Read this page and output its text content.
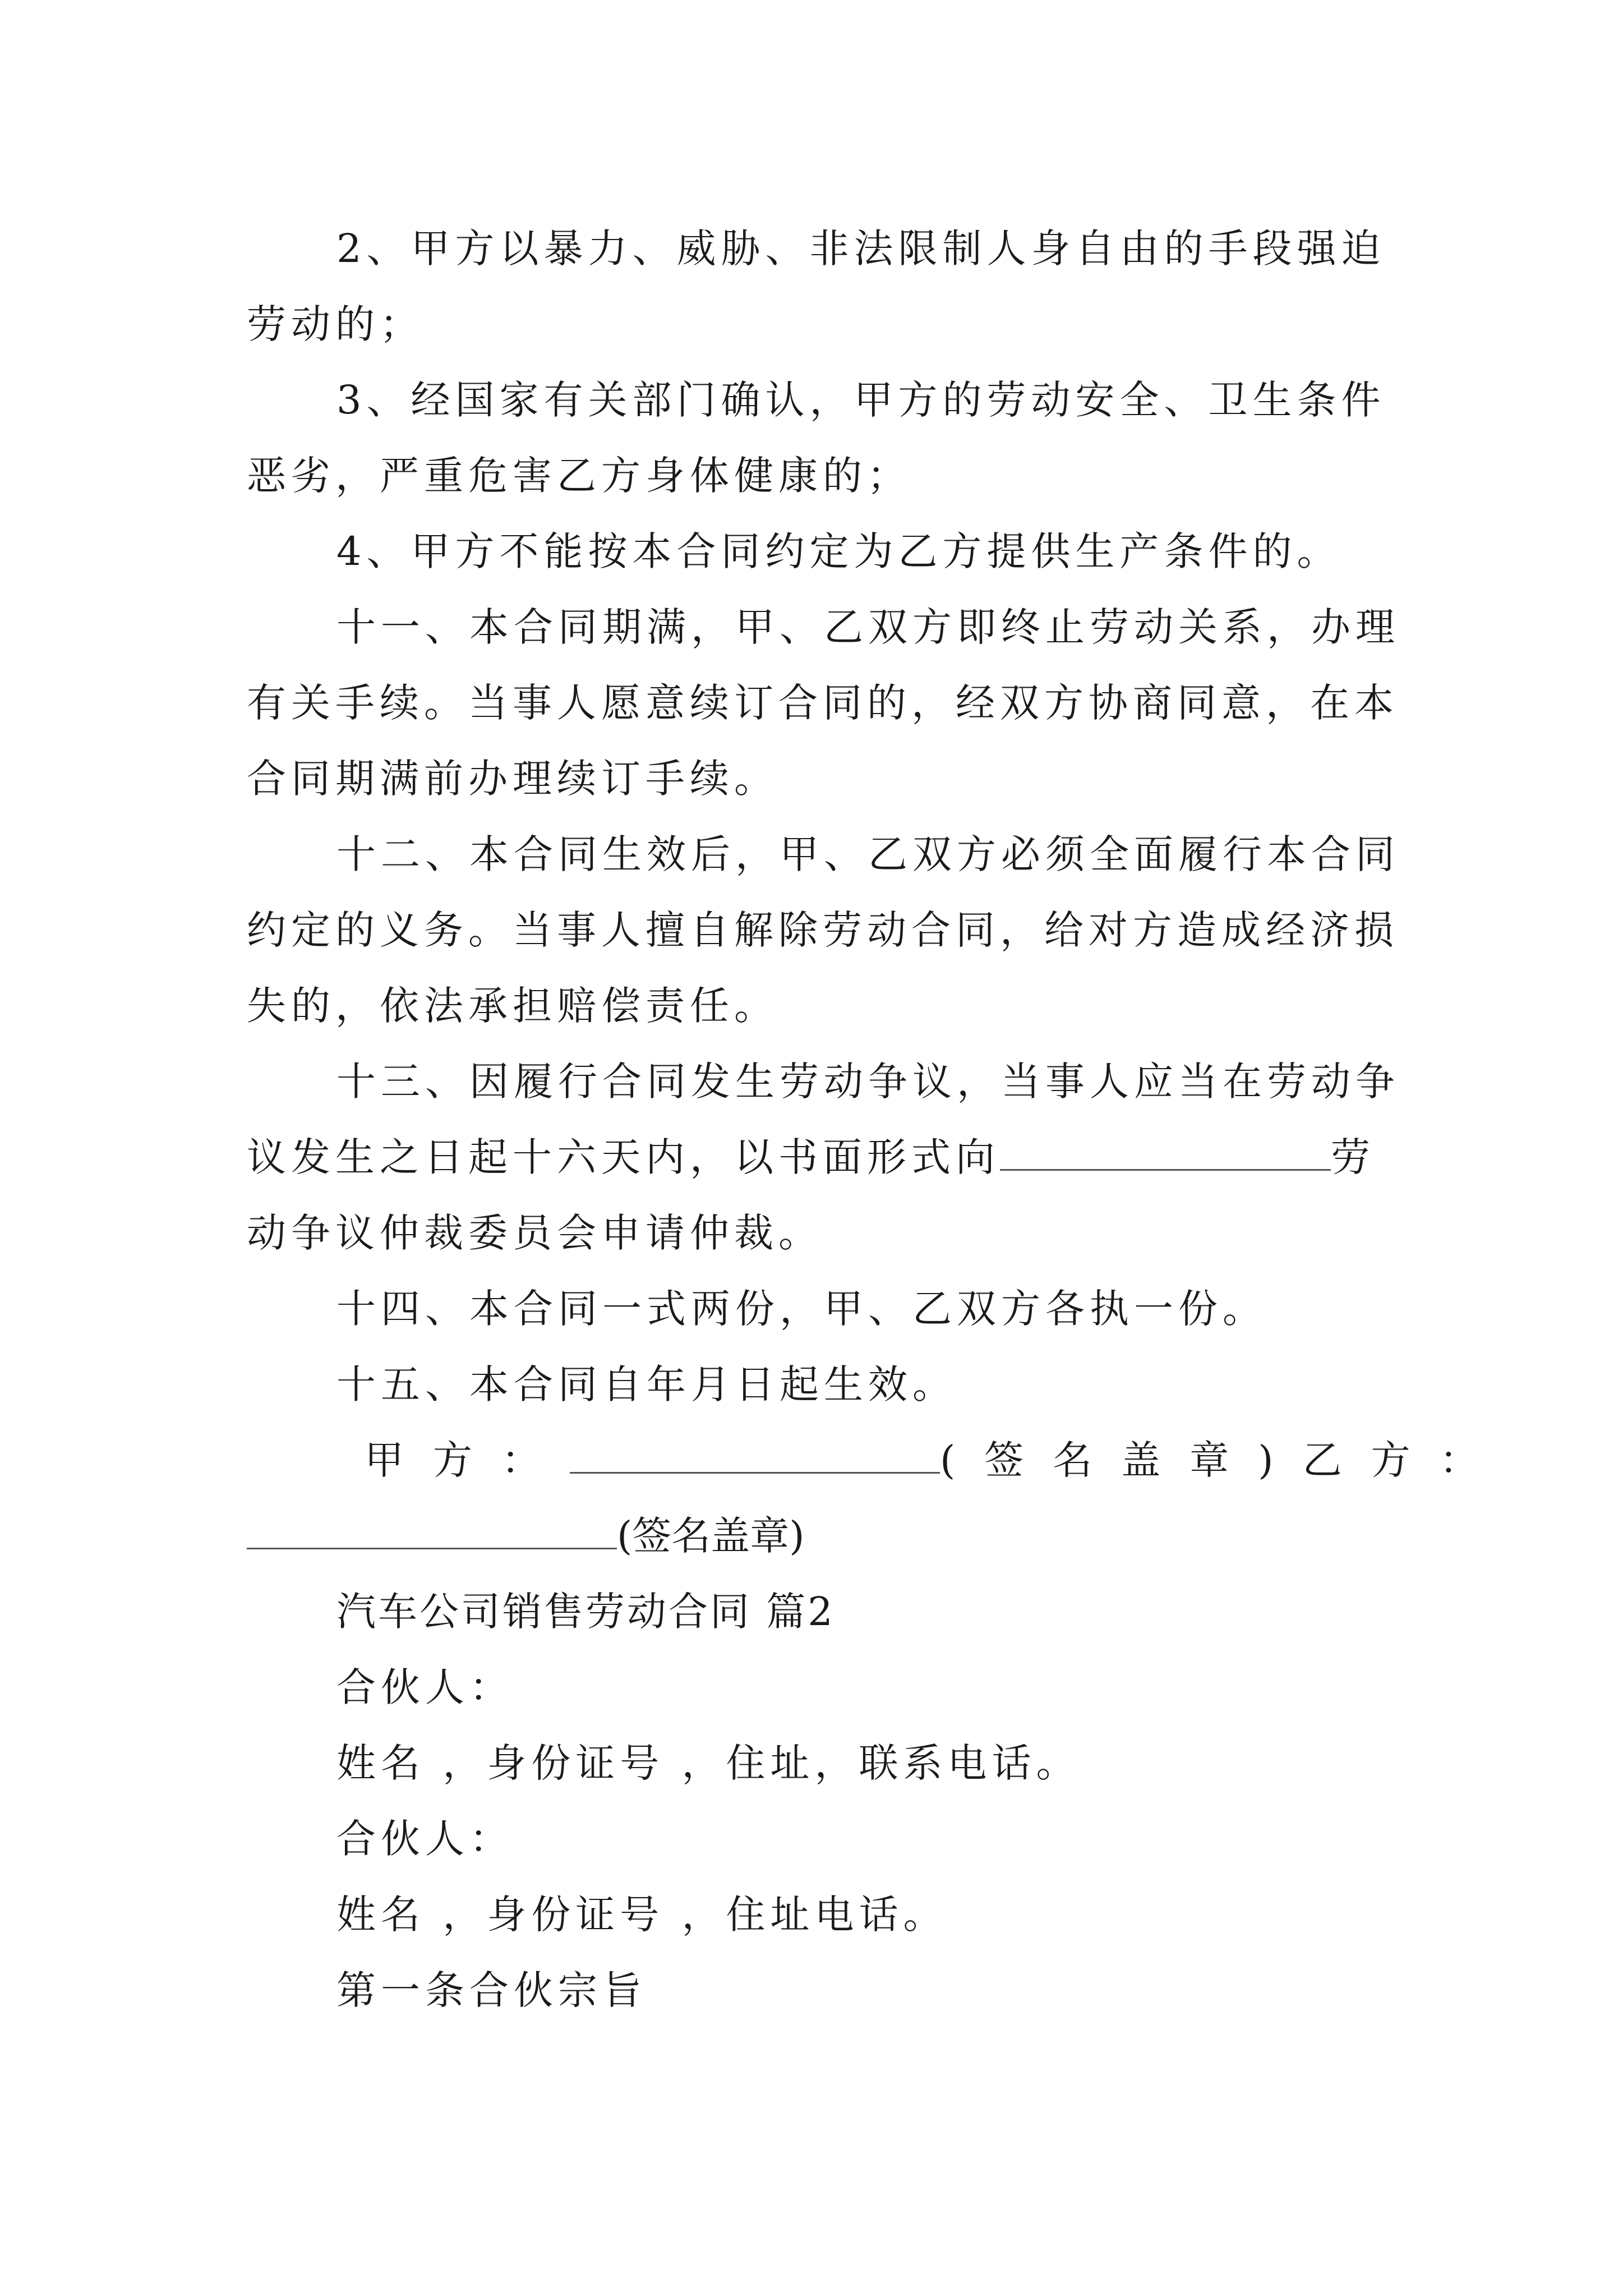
2、甲方以暴力、威胁、非法限制人身自由的手段强迫
劳动的；
3、经国家有关部门确认，甲方的劳动安全、卫生条件
恶劣，严重危害乙方身体健康的；
4、甲方不能按本合同约定为乙方提供生产条件的。
十一、本合同期满，甲、乙双方即终止劳动关系，办理
有关手续。当事人愿意续订合同的，经双方协商同意，在本
合同期满前办理续订手续。
十二、本合同生效后，甲、乙双方必须全面履行本合同
约定的义务。当事人擅自解除劳动合同，给对方造成经济损
失的，依法承担赔偿责任。
十三、因履行合同发生劳动争议，当事人应当在劳动争
议发生之日起十六天内，以书面形式向	劳
动争议仲裁委员会申请仲裁。
十四、本合同一式两份，甲、乙双方各执一份。
十五、本合同自年月日起生效。
甲方：	(签名盖章)乙方：
(签名盖章)
汽车公司销售劳动合同 篇2
合伙人：
姓名 ，身份证号 ，住址，联系电话。
合伙人：
姓名 ，身份证号 ，住址电话。
第一条合伙宗旨
